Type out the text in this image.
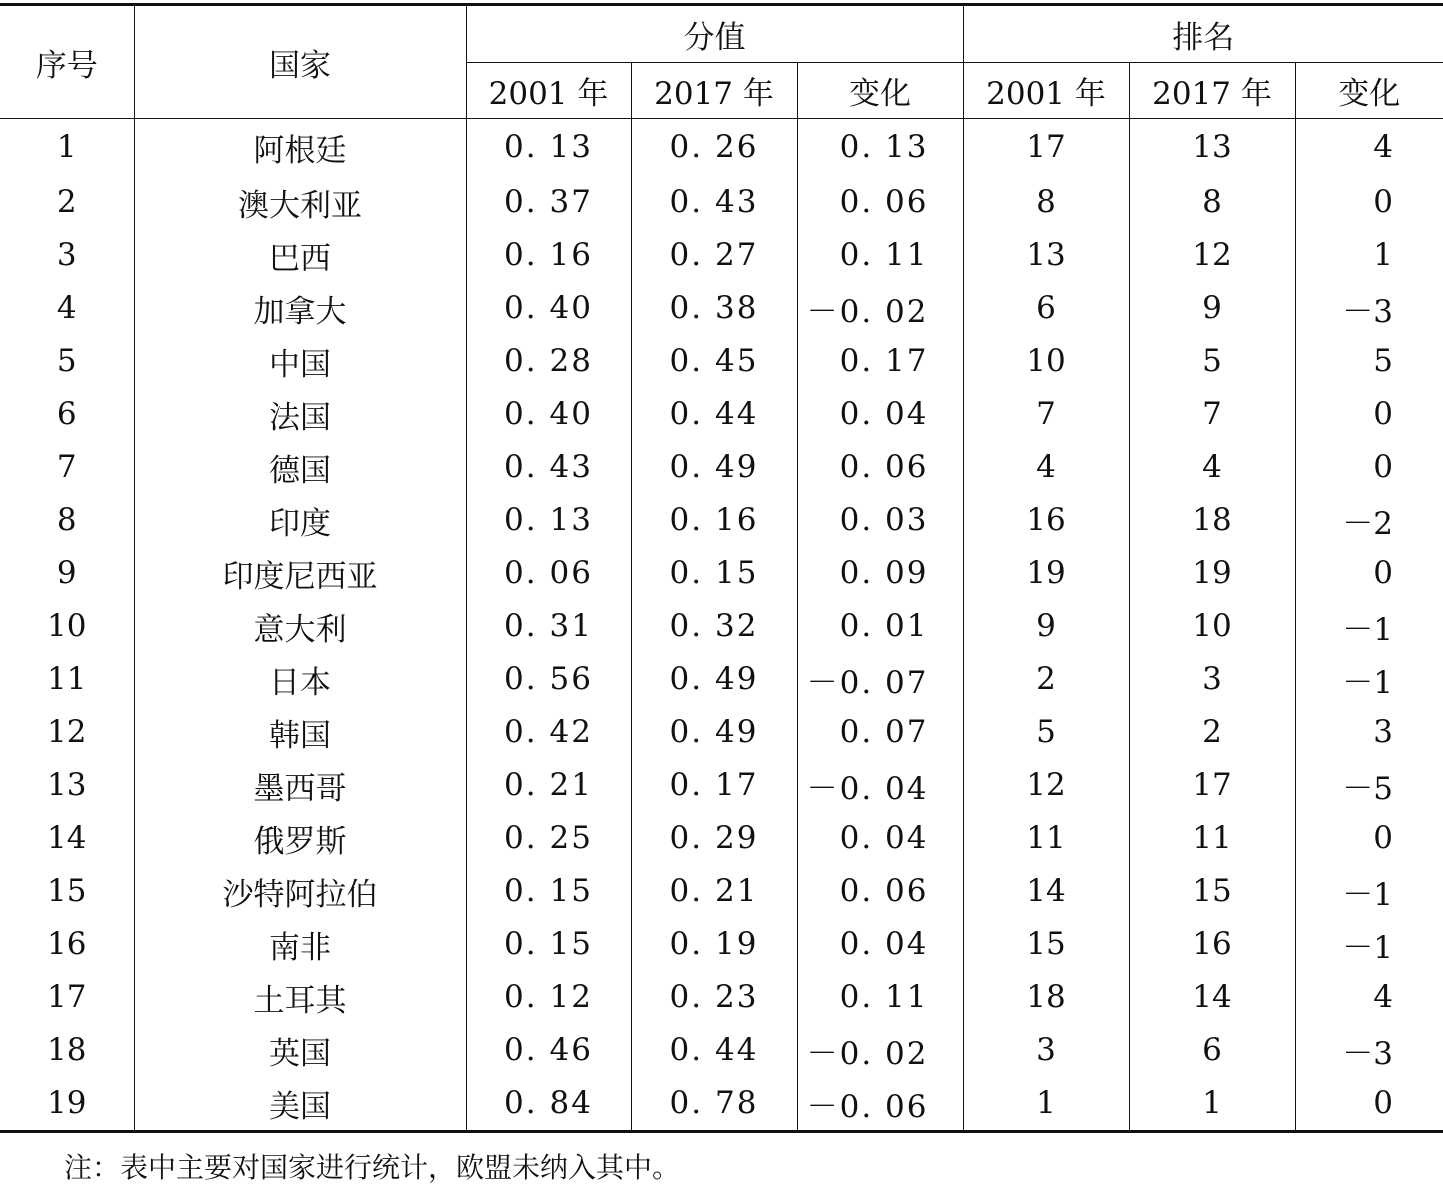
序号	国家	分值			排名		
		2001 年	2017 年	变化	2001 年	2017 年	变化
1	阿根廷	0. 13	0. 26	0. 13	17	13	4
2	澳大利亚	0. 37	0. 43	0. 06	8	8	0
3	巴西	0. 16	0. 27	0. 11	13	12	1
4	加拿大	0. 40	0. 38	－0. 02	6	9	－3
5	中国	0. 28	0. 45	0. 17	10	5	5
6	法国	0. 40	0. 44	0. 04	7	7	0
7	德国	0. 43	0. 49	0. 06	4	4	0
8	印度	0. 13	0. 16	0. 03	16	18	－2
9	印度尼西亚	0. 06	0. 15	0. 09	19	19	0
10	意大利	0. 31	0. 32	0. 01	9	10	－1
11	日本	0. 56	0. 49	－0. 07	2	3	－1
12	韩国	0. 42	0. 49	0. 07	5	2	3
13	墨西哥	0. 21	0. 17	－0. 04	12	17	－5
14	俄罗斯	0. 25	0. 29	0. 04	11	11	0
15	沙特阿拉伯	0. 15	0. 21	0. 06	14	15	－1
16	南非	0. 15	0. 19	0. 04	15	16	－1
17	土耳其	0. 12	0. 23	0. 11	18	14	4
18	英国	0. 46	0. 44	－0. 02	3	6	－3
19	美国	0. 84	0. 78	－0. 06	1	1	0
注：表中主要对国家进行统计，欧盟未纳入其中。
